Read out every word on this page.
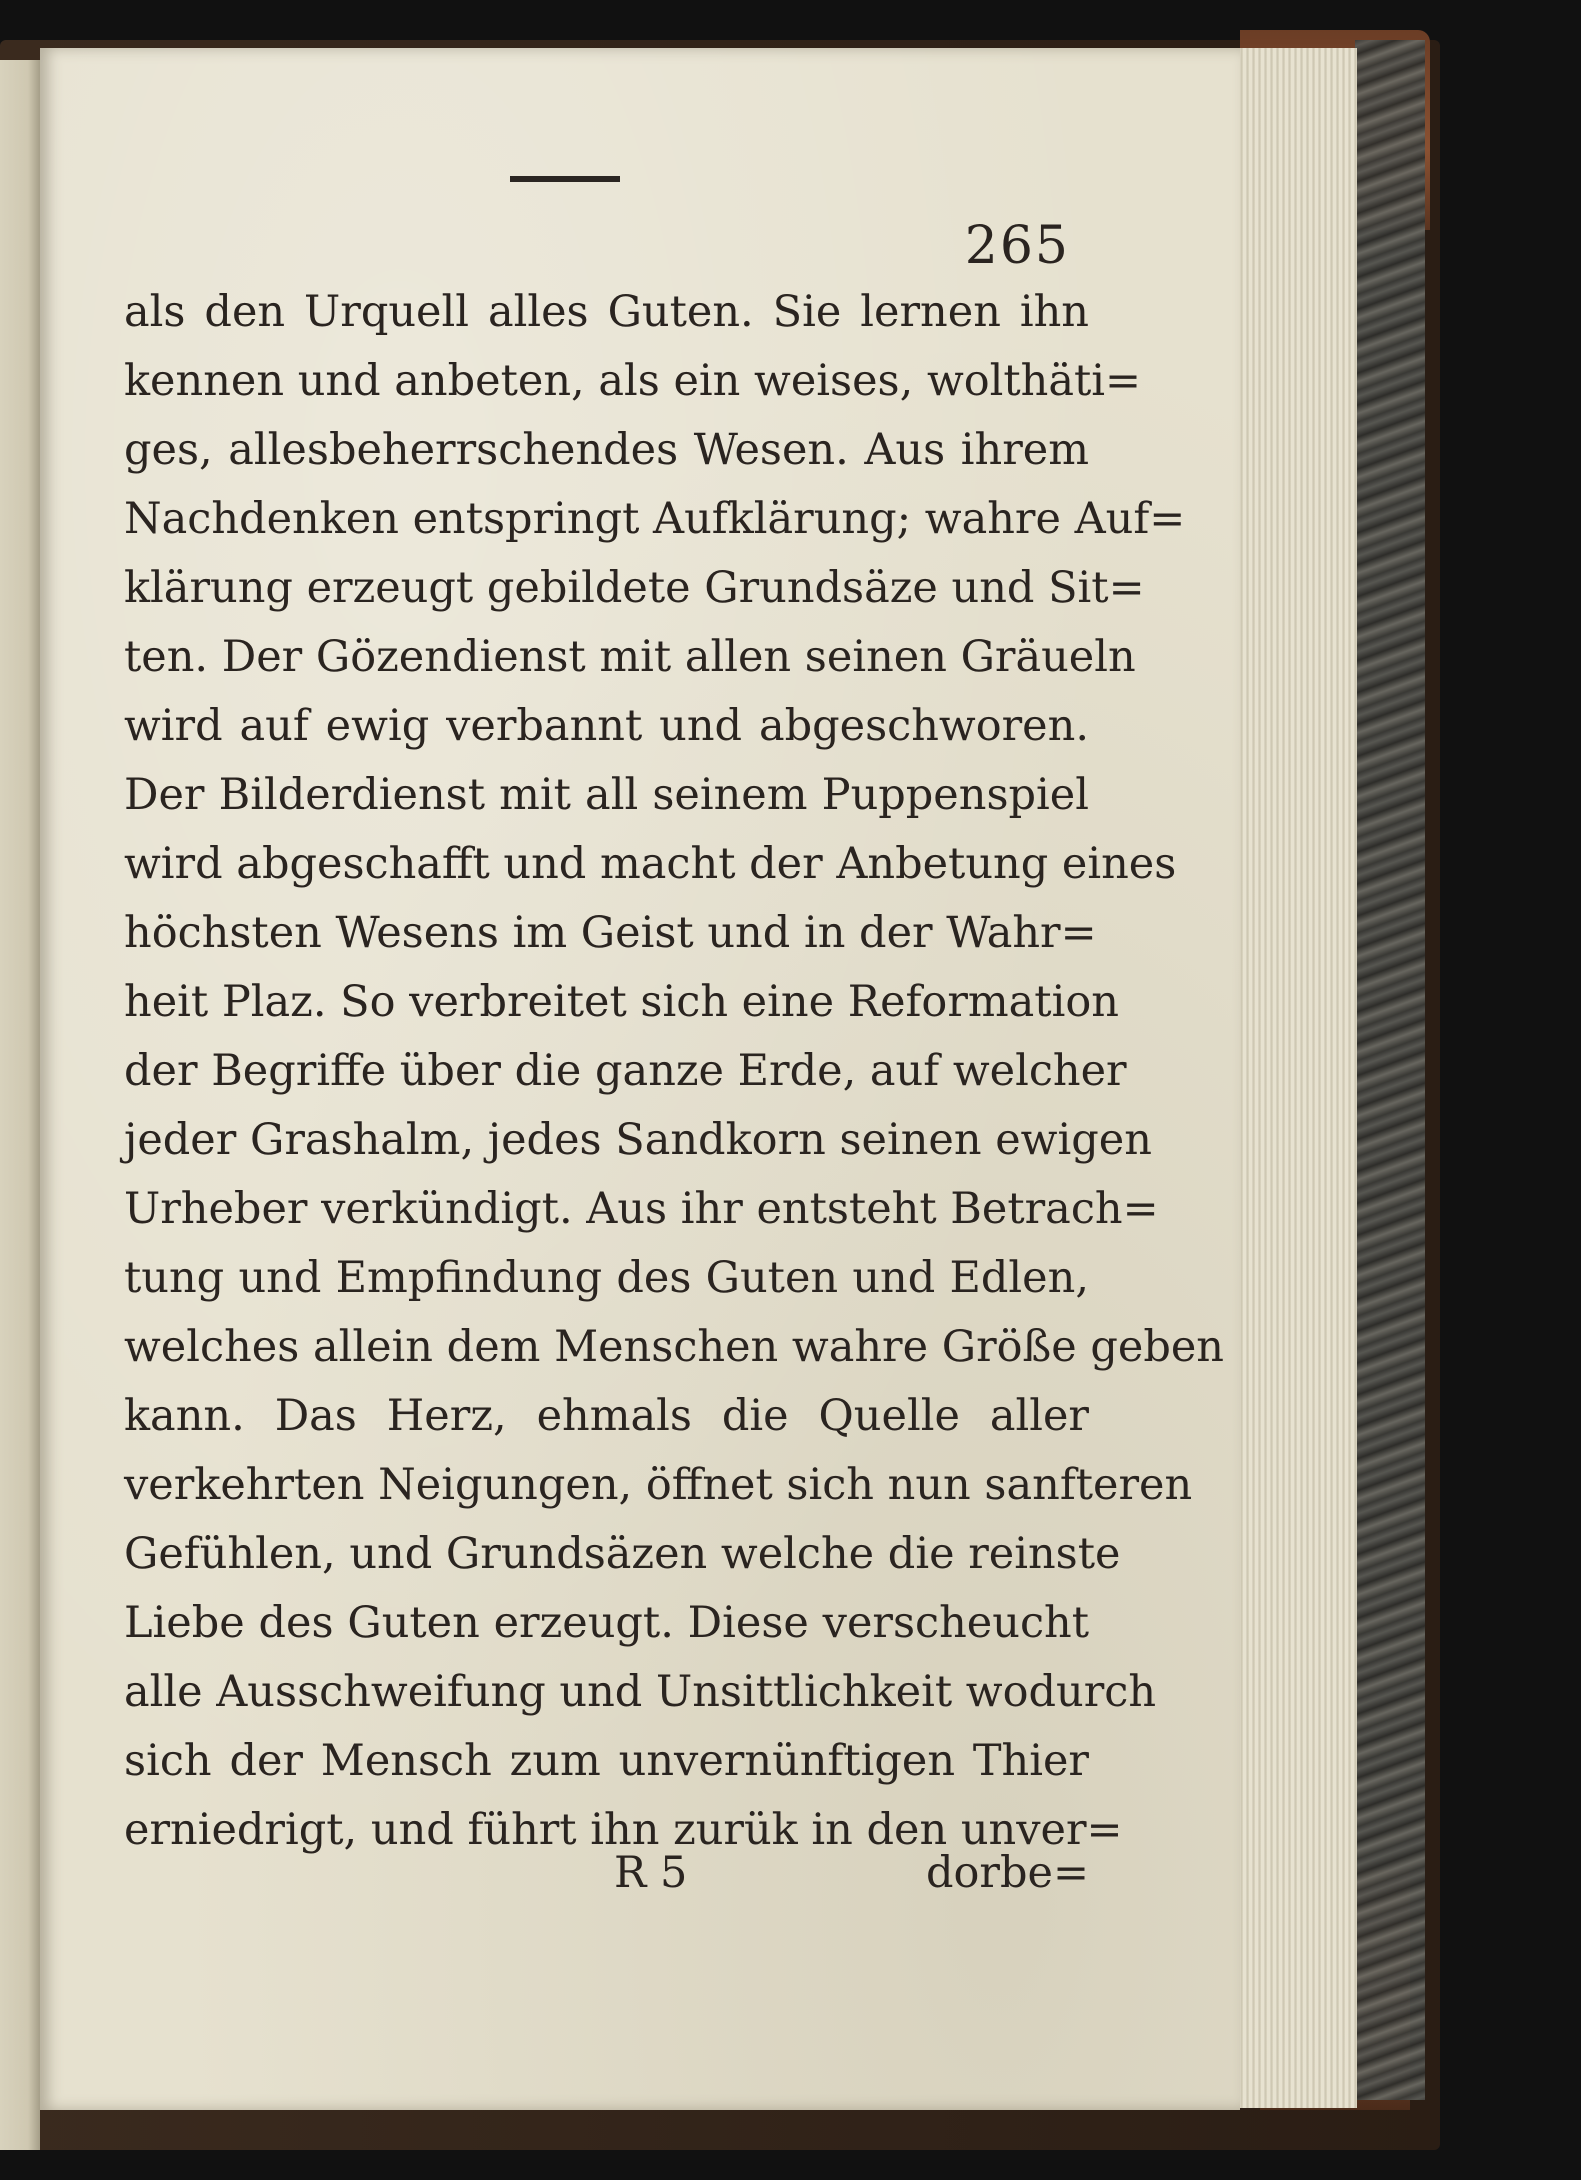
265
als den Urquell alles Guten. Sie lernen ihn
kennen und anbeten, als ein weises, wolthäti=
ges, allesbeherrschendes Wesen. Aus ihrem
Nachdenken entspringt Aufklärung; wahre Auf=
klärung erzeugt gebildete Grundsäze und Sit=
ten. Der Gözendienst mit allen seinen Gräueln
wird auf ewig verbannt und abgeschworen.
Der Bilderdienst mit all seinem Puppenspiel
wird abgeschafft und macht der Anbetung eines
höchsten Wesens im Geist und in der Wahr=
heit Plaz. So verbreitet sich eine Reformation
der Begriffe über die ganze Erde, auf welcher
jeder Grashalm, jedes Sandkorn seinen ewigen
Urheber verkündigt. Aus ihr entsteht Betrach=
tung und Empfindung des Guten und Edlen,
welches allein dem Menschen wahre Größe geben
kann. Das Herz, ehmals die Quelle aller
verkehrten Neigungen, öffnet sich nun sanfteren
Gefühlen, und Grundsäzen welche die reinste
Liebe des Guten erzeugt. Diese verscheucht
alle Ausschweifung und Unsittlichkeit wodurch
sich der Mensch zum unvernünftigen Thier
erniedrigt, und führt ihn zurük in den unver=
R 5	dorbe=
